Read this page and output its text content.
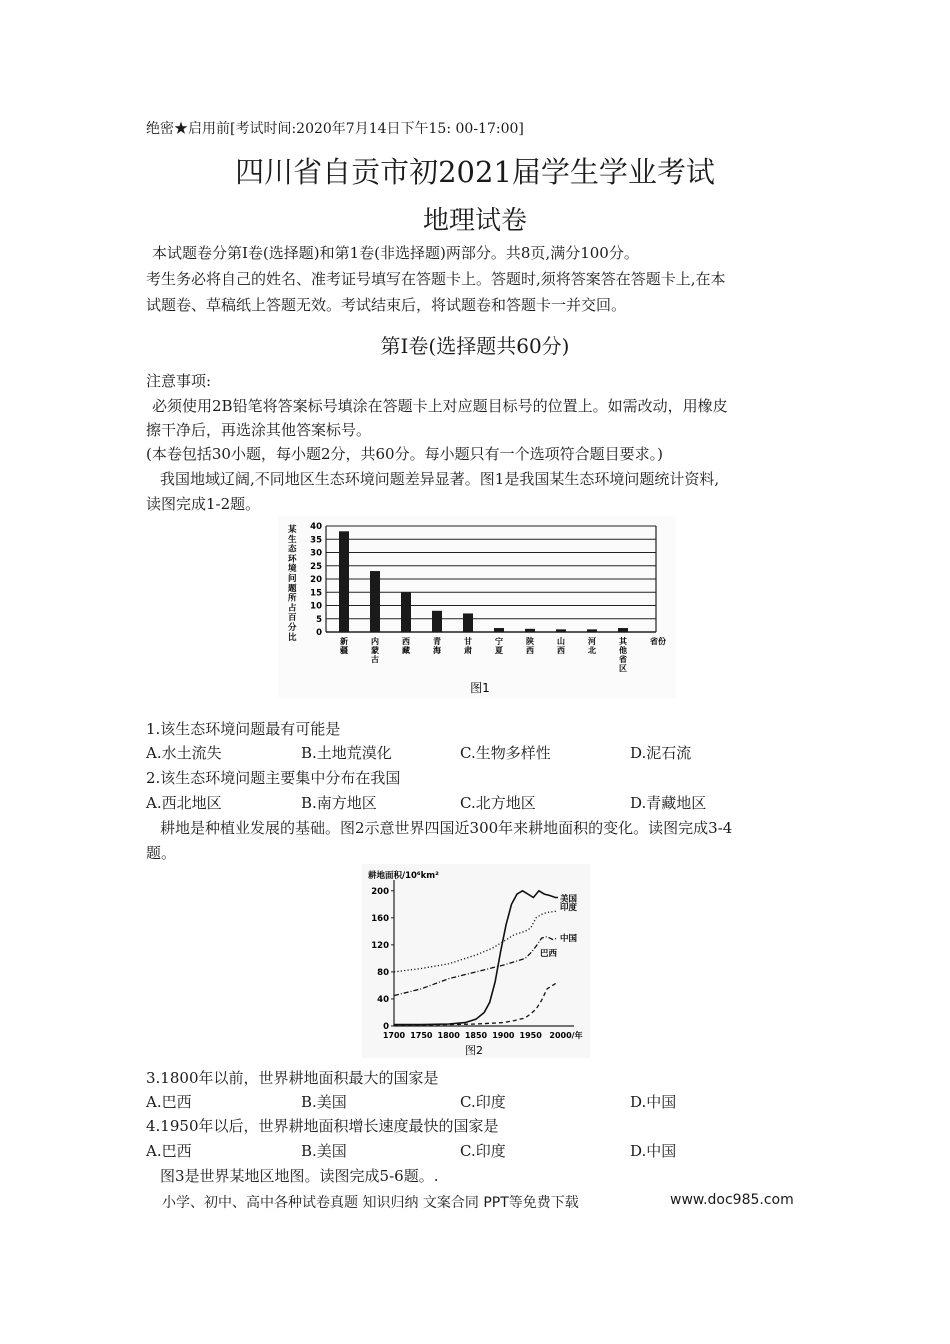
绝密★启用前[考试时间:2020年7月14日下午15: 00-17:00]
四川省自贡市初2021届学生学业考试
地理试卷
本试题卷分第Ⅰ卷(选择题)和第1卷(非选择题)两部分。共8页,满分100分。
考生务必将自己的姓名、准考证号填写在答题卡上。答题时,须将答案答在答题卡上,在本
试题卷、草稿纸上答题无效。考试结束后，将试题卷和答题卡一并交回。
第Ⅰ卷(选择题共60分)
注意事项:
必须使用2B铅笔将答案标号填涂在答题卡上对应题目标号的位置上。如需改动，用橡皮
擦干净后，再选涂其他答案标号。
(本卷包括30小题，每小题2分，共60分。每小题只有一个选项符合题目要求。)
我国地域辽阔,不同地区生态环境问题差异显著。图1是我国某生态环境问题统计资料,
读图完成1-2题。
某生态环境问题所占百分比 0
5
10
15
20
25
30
35
40
新疆
内蒙古
西藏
青海
甘肃
宁夏
陕西
山西
河北
其他省区
省份
图1
1.该生态环境问题最有可能是
A.水土流失	B.土地荒漠化	C.生物多样性	D.泥石流
2.该生态环境问题主要集中分布在我国
A.西北地区	B.南方地区	C.北方地区	D.青藏地区
耕地是种植业发展的基础。图2示意世界四国近300年来耕地面积的变化。读图完成3-4
题。
耕地面积/10⁶km²
0
40
80
120
160
200
1700 1750 1800 1850 1900 1950 2000/年
美国
印度
中国
巴西
图2
3.1800年以前，世界耕地面积最大的国家是
A.巴西	B.美国	C.印度	D.中国
4.1950年以后，世界耕地面积增长速度最快的国家是
A.巴西	B.美国	C.印度	D.中国
图3是世界某地区地图。读图完成5-6题。.
小学、初中、高中各种试卷真题 知识归纳 文案合同 PPT等免费下载	www.doc985.com
